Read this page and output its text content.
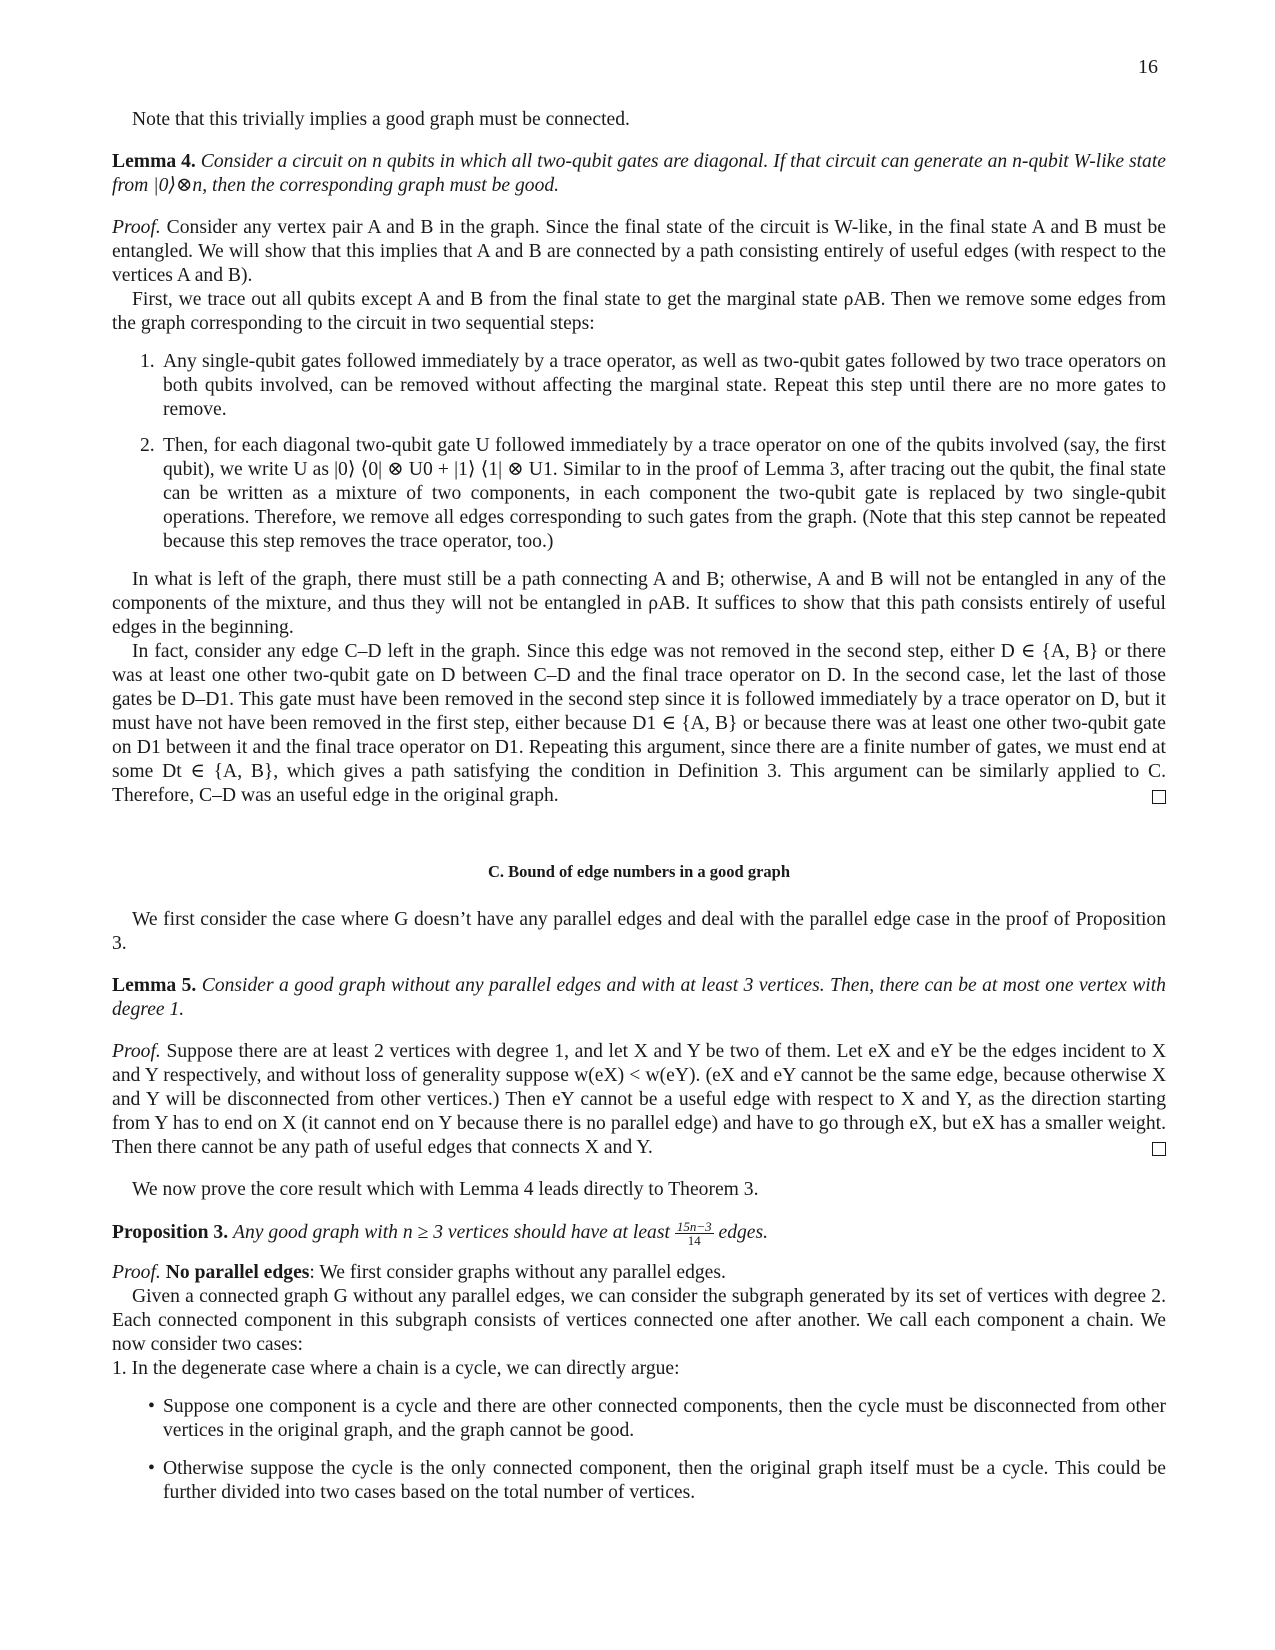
16

Note that this trivially implies a good graph must be connected.

Lemma 4. Consider a circuit on n qubits in which all two-qubit gates are diagonal. If that circuit can generate an n-qubit W-like state from |0⟩⊗n, then the corresponding graph must be good.

Proof. Consider any vertex pair A and B in the graph. Since the final state of the circuit is W-like, in the final state A and B must be entangled. We will show that this implies that A and B are connected by a path consisting entirely of useful edges (with respect to the vertices A and B).

First, we trace out all qubits except A and B from the final state to get the marginal state ρAB. Then we remove some edges from the graph corresponding to the circuit in two sequential steps:

1. Any single-qubit gates followed immediately by a trace operator, as well as two-qubit gates followed by two trace operators on both qubits involved, can be removed without affecting the marginal state. Repeat this step until there are no more gates to remove.
2. Then, for each diagonal two-qubit gate U followed immediately by a trace operator on one of the qubits involved (say, the first qubit), we write U as |0⟩ ⟨0| ⊗ U0 + |1⟩ ⟨1| ⊗ U1. Similar to in the proof of Lemma 3, after tracing out the qubit, the final state can be written as a mixture of two components, in each component the two-qubit gate is replaced by two single-qubit operations. Therefore, we remove all edges corresponding to such gates from the graph. (Note that this step cannot be repeated because this step removes the trace operator, too.)

In what is left of the graph, there must still be a path connecting A and B; otherwise, A and B will not be entangled in any of the components of the mixture, and thus they will not be entangled in ρAB. It suffices to show that this path consists entirely of useful edges in the beginning.

In fact, consider any edge C–D left in the graph. Since this edge was not removed in the second step, either D ∈ {A, B} or there was at least one other two-qubit gate on D between C–D and the final trace operator on D. In the second case, let the last of those gates be D–D1. This gate must have been removed in the second step since it is followed immediately by a trace operator on D, but it must have not have been removed in the first step, either because D1 ∈ {A, B} or because there was at least one other two-qubit gate on D1 between it and the final trace operator on D1. Repeating this argument, since there are a finite number of gates, we must end at some Dt ∈ {A, B}, which gives a path satisfying the condition in Definition 3. This argument can be similarly applied to C. Therefore, C–D was an useful edge in the original graph.

C. Bound of edge numbers in a good graph

We first consider the case where G doesn’t have any parallel edges and deal with the parallel edge case in the proof of Proposition 3.

Lemma 5. Consider a good graph without any parallel edges and with at least 3 vertices. Then, there can be at most one vertex with degree 1.

Proof. Suppose there are at least 2 vertices with degree 1, and let X and Y be two of them. Let eX and eY be the edges incident to X and Y respectively, and without loss of generality suppose w(eX) < w(eY). (eX and eY cannot be the same edge, because otherwise X and Y will be disconnected from other vertices.) Then eY cannot be a useful edge with respect to X and Y, as the direction starting from Y has to end on X (it cannot end on Y because there is no parallel edge) and have to go through eX, but eX has a smaller weight. Then there cannot be any path of useful edges that connects X and Y.

We now prove the core result which with Lemma 4 leads directly to Theorem 3.

Proposition 3. Any good graph with n ≥ 3 vertices should have at least $\frac{15n-3}{14}$ edges.

Proof. No parallel edges: We first consider graphs without any parallel edges.

Given a connected graph G without any parallel edges, we can consider the subgraph generated by its set of vertices with degree 2. Each connected component in this subgraph consists of vertices connected one after another. We call each component a chain. We now consider two cases:

1. In the degenerate case where a chain is a cycle, we can directly argue:

• Suppose one component is a cycle and there are other connected components, then the cycle must be disconnected from other vertices in the original graph, and the graph cannot be good.
• Otherwise suppose the cycle is the only connected component, then the original graph itself must be a cycle. This could be further divided into two cases based on the total number of vertices.
